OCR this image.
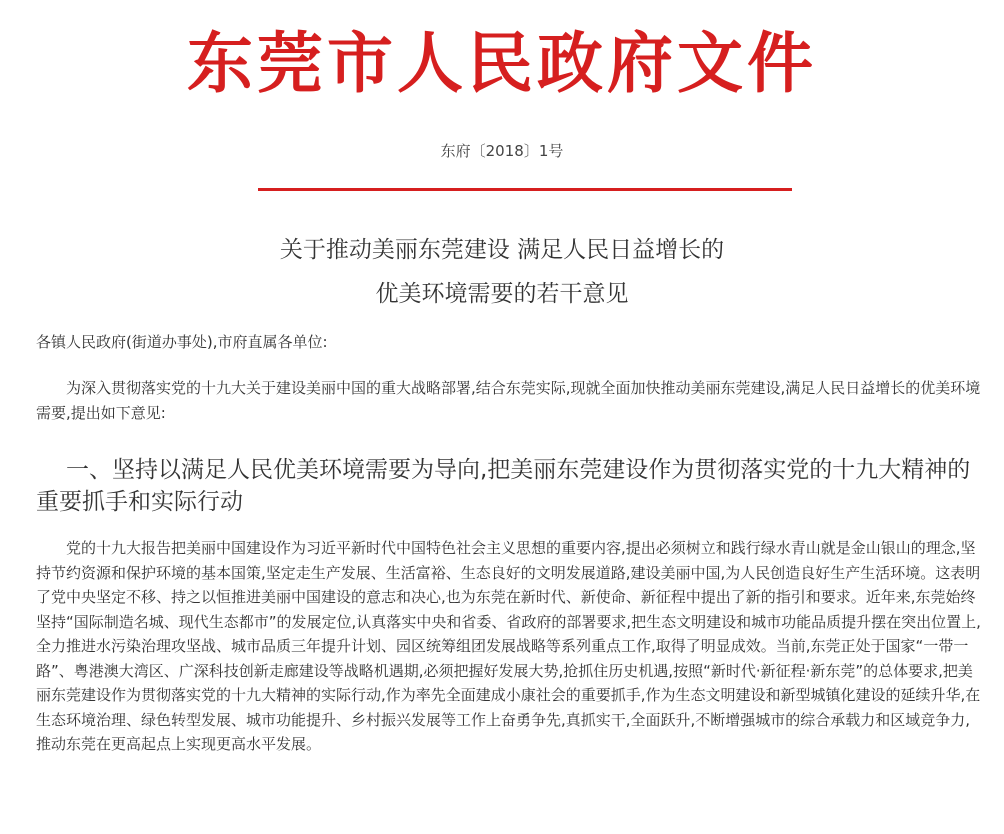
东莞市人民政府文件
东府〔2018〕1号
关于推动美丽东莞建设 满足人民日益增长的
优美环境需要的若干意见
各镇人民政府(街道办事处),市府直属各单位:
为深入贯彻落实党的十九大关于建设美丽中国的重大战略部署,结合东莞实际,现就全面加快推动美丽东莞建设,满足人民日益增长的优美环境需要,提出如下意见:
一、坚持以满足人民优美环境需要为导向,把美丽东莞建设作为贯彻落实党的十九大精神的重要抓手和实际行动
党的十九大报告把美丽中国建设作为习近平新时代中国特色社会主义思想的重要内容,提出必须树立和践行绿水青山就是金山银山的理念,坚持节约资源和保护环境的基本国策,坚定走生产发展、生活富裕、生态良好的文明发展道路,建设美丽中国,为人民创造良好生产生活环境。这表明了党中央坚定不移、持之以恒推进美丽中国建设的意志和决心,也为东莞在新时代、新使命、新征程中提出了新的指引和要求。近年来,东莞始终坚持“国际制造名城、现代生态都市”的发展定位,认真落实中央和省委、省政府的部署要求,把生态文明建设和城市功能品质提升摆在突出位置上,全力推进水污染治理攻坚战、城市品质三年提升计划、园区统筹组团发展战略等系列重点工作,取得了明显成效。当前,东莞正处于国家“一带一路”、粤港澳大湾区、广深科技创新走廊建设等战略机遇期,必须把握好发展大势,抢抓住历史机遇,按照“新时代·新征程·新东莞”的总体要求,把美丽东莞建设作为贯彻落实党的十九大精神的实际行动,作为率先全面建成小康社会的重要抓手,作为生态文明建设和新型城镇化建设的延续升华,在生态环境治理、绿色转型发展、城市功能提升、乡村振兴发展等工作上奋勇争先,真抓实干,全面跃升,不断增强城市的综合承载力和区域竞争力,推动东莞在更高起点上实现更高水平发展。
